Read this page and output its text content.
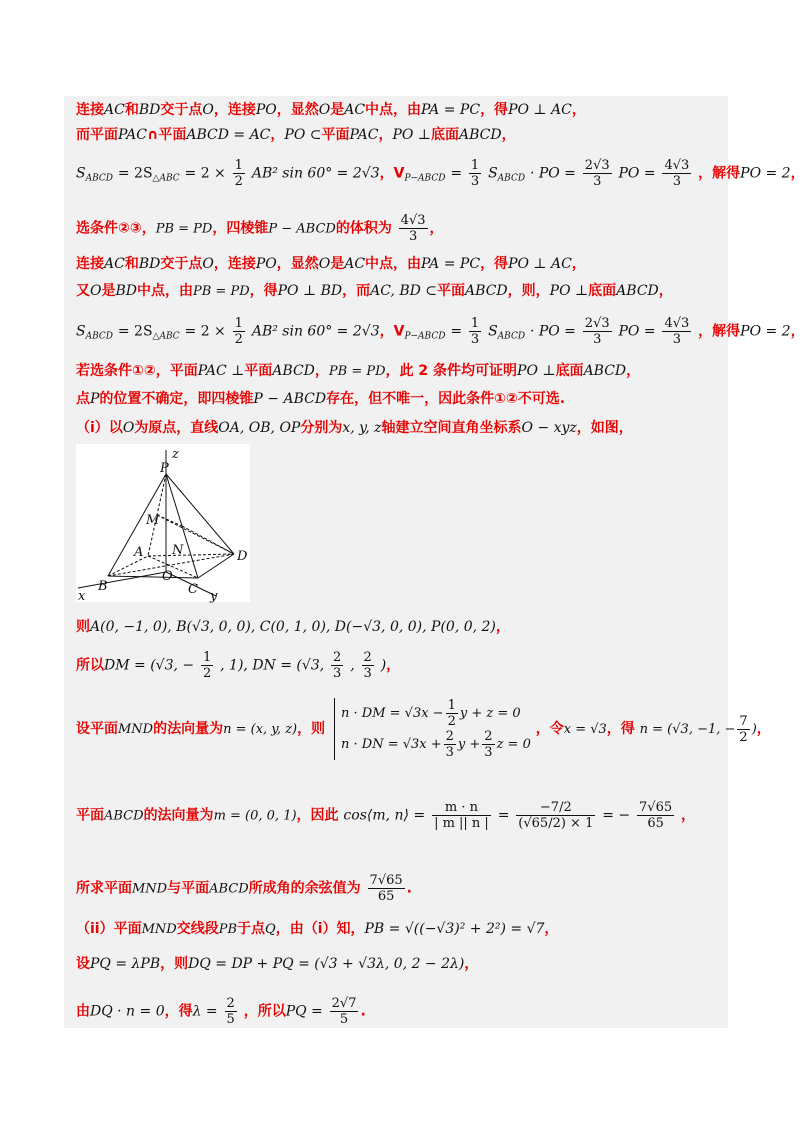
连接AC和BD交于点O，连接PO，显然O是AC中点，由PA = PC，得PO ⊥ AC，
而平面PAC∩平面ABCD = AC，PO ⊂平面PAC，PO ⊥底面ABCD，
$S_{ABCD} = 2S_{\triangle ABC} = 2 \times \frac{1}{2} AB^2$ sin 60° = 2√3，$V_{P-ABCD} = \frac{1}{3} S_{ABCD}$ · PO = $\frac{2√3}{3}$ PO = $\frac{4√3}{3}$ ，解得PO = 2，
选条件②③，PB = PD，四棱锥P − ABCD的体积为 $\frac{4√3}{3}$ ，
连接AC和BD交于点O，连接PO，显然O是AC中点，由PA = PC，得PO ⊥ AC，
又O是BD中点，由PB = PD，得PO ⊥ BD，而AC, BD ⊂平面ABCD，则，PO ⊥底面ABCD，
$S_{ABCD} = 2S_{\triangle ABC} = 2 \times \frac{1}{2} AB^2$ sin 60° = 2√3，$V_{P-ABCD} = \frac{1}{3} S_{ABCD}$ · PO = $\frac{2√3}{3}$ PO = $\frac{4√3}{3}$ ，解得PO = 2，
若选条件①②，平面PAC ⊥平面ABCD，PB = PD，此 2 条件均可证明PO ⊥底面ABCD，
点P的位置不确定，即四棱锥P − ABCD存在，但不唯一，因此条件①②不可选.
（i）以O为原点，直线OA, OB, OP分别为x, y, z轴建立空间直角坐标系O − xyz，如图，
z
P
M
A N	D
O
B	C
x	y
则A(0, −1, 0), B(√3, 0, 0), C(0, 1, 0), D(−√3, 0, 0), P(0, 0, 2)，
所以DM = (√3, − $\frac{1}{2}$ , 1), DN = (√3, $\frac{2}{3}$ , $\frac{2}{3}$ )，
设平面MND的法向量为n = (x, y, z)，则
n · DM = $√3x - \frac{1}{2}$ y + z = 0
n · DN = $√3x + \frac{2}{3}$ $y + \frac{2}{3}$ z = 0
，令x = √3，得 n = (√3, −1, − $\frac{7}{2}$ )，
平面ABCD的法向量为m = (0, 0, 1)，因此 cos⟨m, n⟩ = $\frac{m \cdot n}{| m || n |} = \frac{-7/2}{(√65/2) \times 1}$ = − $\frac{7√65}{65}$ ，
所求平面MND与平面ABCD所成角的余弦值为 $\frac{7√65}{65}$ .
（ii）平面MND交线段PB于点Q，由（i）知，PB = √((−√3)² + 2²) = √7，
设PQ = λPB，则DQ = DP + PQ = (√3 + √3λ, 0, 2 − 2λ)，
由DQ · n = 0，得$\lambda = \frac{2}{5}$ ，所以PQ = $\frac{2√7}{5}$ .
